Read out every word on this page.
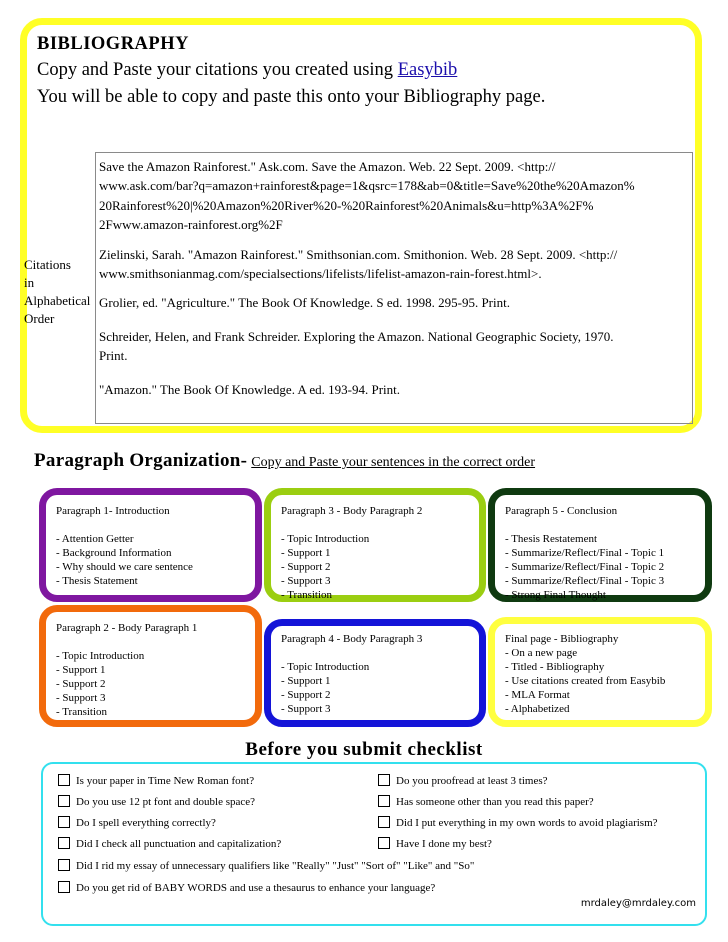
BIBLIOGRAPHY
Copy and Paste your citations you created using Easybib
You will be able to copy and paste this onto your Bibliography page.
Citations
in
Alphabetical
Order
Save the Amazon Rainforest." Ask.com. Save the Amazon. Web. 22 Sept. 2009. <http://
www.ask.com/bar?q=amazon+rainforest&page=1&qsrc=178&ab=0&title=Save%20the%20Amazon%
20Rainforest%20|%20Amazon%20River%20-%20Rainforest%20Animals&u=http%3A%2F%
2Fwww.amazon-rainforest.org%2F
Zielinski, Sarah. "Amazon Rainforest." Smithsonian.com. Smithonion. Web. 28 Sept. 2009. <http://
www.smithsonianmag.com/specialsections/lifelists/lifelist-amazon-rain-forest.html>.
Grolier, ed. "Agriculture." The Book Of Knowledge. S ed. 1998. 295-95. Print.
Schreider, Helen, and Frank Schreider. Exploring the Amazon. National Geographic Society, 1970.
Print.
"Amazon." The Book Of Knowledge. A ed. 193-94. Print.
Paragraph Organization- Copy and Paste your sentences in the correct order
Paragraph 1- Introduction
- Attention Getter
- Background Information
- Why should we care sentence
- Thesis Statement
Paragraph 3 - Body Paragraph 2
- Topic Introduction
- Support 1
- Support 2
- Support 3
- Transition
Paragraph 5 - Conclusion
- Thesis Restatement
- Summarize/Reflect/Final - Topic 1
- Summarize/Reflect/Final - Topic 2
- Summarize/Reflect/Final - Topic 3
- Strong Final Thought
Paragraph 2 - Body Paragraph 1
- Topic Introduction
- Support 1
- Support 2
- Support 3
- Transition
Paragraph 4 - Body Paragraph 3
- Topic Introduction
- Support 1
- Support 2
- Support 3
Final page - Bibliography
- On a new page
- Titled - Bibliography
- Use citations created from Easybib
- MLA Format
- Alphabetized
Before you submit checklist
Is your paper in Time New Roman font?
Do you use 12 pt font and double space?
Do I spell everything correctly?
Did I check all punctuation and capitalization?
Did I rid my essay of unnecessary qualifiers like "Really" "Just" "Sort of" "Like" and "So"
Do you get rid of BABY WORDS and use a thesaurus to enhance your language?
Do you proofread at least 3 times?
Has someone other than you read this paper?
Did I put everything in my own words to avoid plagiarism?
Have I done my best?
mrdaley@mrdaley.com
